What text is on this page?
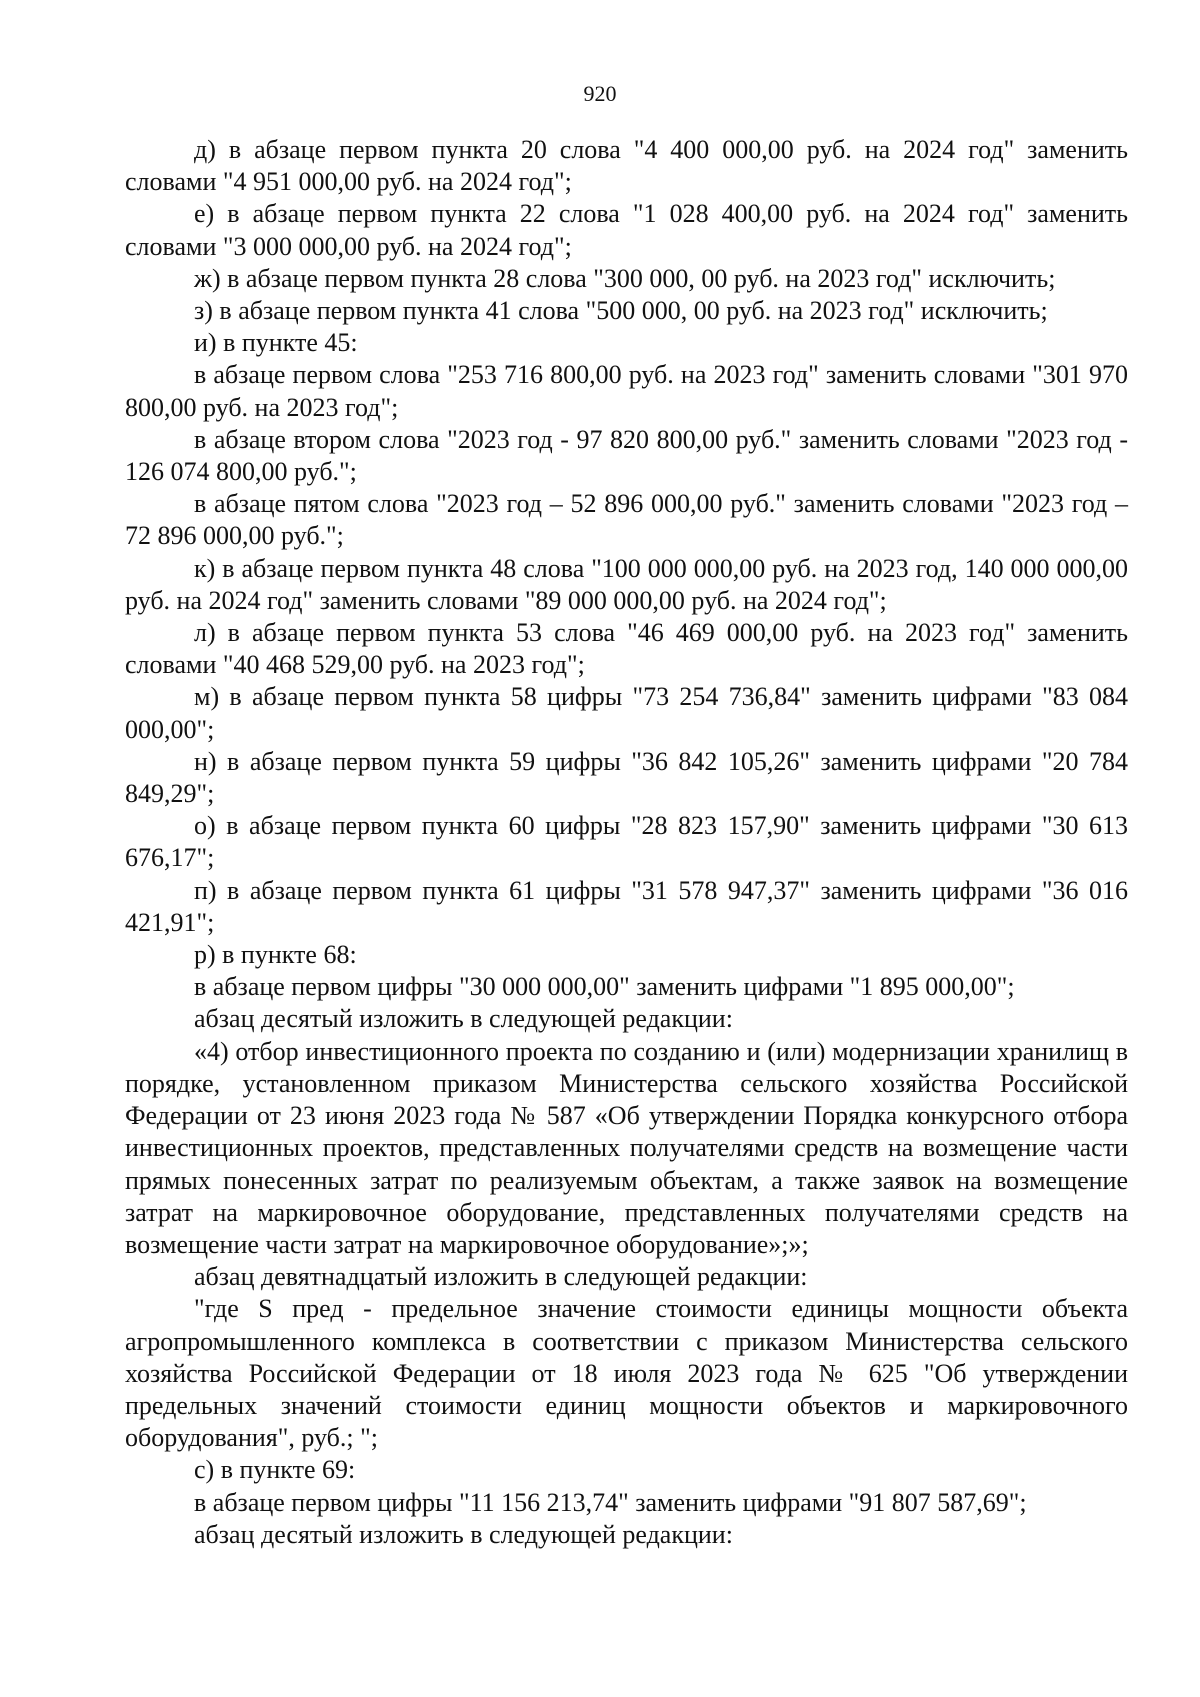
920

д) в абзаце первом пункта 20 слова "4 400 000,00 руб. на 2024 год" заменить словами "4 951 000,00 руб. на 2024 год";

е) в абзаце первом пункта 22 слова "1 028 400,00 руб. на 2024 год" заменить словами "3 000 000,00 руб. на 2024 год";

ж) в абзаце первом пункта 28 слова "300 000, 00 руб. на 2023 год" исключить;

з) в абзаце первом пункта 41 слова "500 000, 00 руб. на 2023 год" исключить;

и) в пункте 45:

в абзаце первом слова "253 716 800,00 руб. на 2023 год" заменить словами "301 970 800,00 руб. на 2023 год";

в абзаце втором слова "2023 год - 97 820 800,00 руб." заменить словами "2023 год - 126 074 800,00 руб.";

в абзаце пятом слова "2023 год – 52 896 000,00 руб." заменить словами "2023 год – 72 896 000,00 руб.";

к) в абзаце первом пункта 48 слова "100 000 000,00 руб. на 2023 год, 140 000 000,00 руб. на 2024 год" заменить словами "89 000 000,00 руб. на 2024 год";

л) в абзаце первом пункта 53 слова "46 469 000,00 руб. на 2023 год" заменить словами "40 468 529,00 руб. на 2023 год";

м) в абзаце первом пункта 58 цифры "73 254 736,84" заменить цифрами "83 084 000,00";

н) в абзаце первом пункта 59 цифры "36 842 105,26" заменить цифрами "20 784 849,29";

о) в абзаце первом пункта 60 цифры "28 823 157,90" заменить цифрами "30 613 676,17";

п) в абзаце первом пункта 61 цифры "31 578 947,37" заменить цифрами "36 016 421,91";

р) в пункте 68:

в абзаце первом цифры "30 000 000,00" заменить цифрами "1 895 000,00";

абзац десятый изложить в следующей редакции:

«4) отбор инвестиционного проекта по созданию и (или) модернизации хранилищ в порядке, установленном приказом Министерства сельского хозяйства Российской Федерации от 23 июня 2023 года № 587 «Об утверждении Порядка конкурсного отбора инвестиционных проектов, представленных получателями средств на возмещение части прямых понесенных затрат по реализуемым объектам, а также заявок на возмещение затрат на маркировочное оборудование, представленных получателями средств на возмещение части затрат на маркировочное оборудование»;»;

абзац девятнадцатый изложить в следующей редакции:

"где S пред - предельное значение стоимости единицы мощности объекта агропромышленного комплекса в соответствии с приказом Министерства сельского хозяйства Российской Федерации от 18 июля 2023 года № 625 "Об утверждении предельных значений стоимости единиц мощности объектов и маркировочного оборудования", руб.; ";

с) в пункте 69:

в абзаце первом цифры "11 156 213,74" заменить цифрами "91 807 587,69";

абзац десятый изложить в следующей редакции:
